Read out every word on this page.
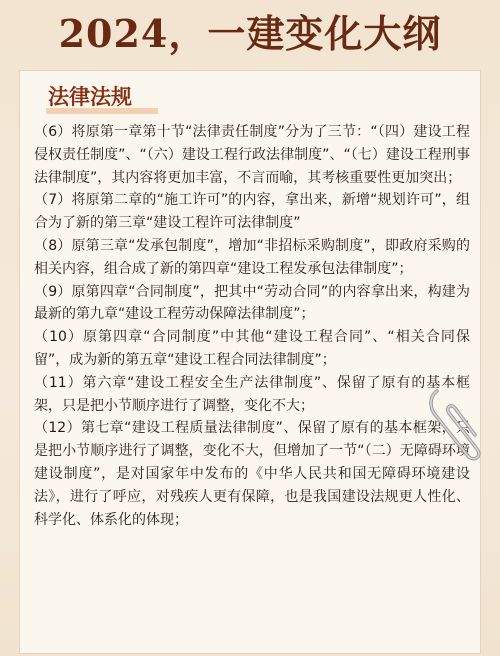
2024，一建变化大纲
法律法规

（6）将原第一章第十节“法律责任制度”分为了三节：“（四）建设工程侵权责任制度”、“（六）建设工程行政法律制度”、“（七）建设工程刑事法律制度”，其内容将更加丰富，不言而喻，其考核重要性更加突出；

（7）将原第二章的“施工许可”的内容，拿出来，新增“规划许可”，组合为了新的第三章“建设工程许可法律制度”

（8）原第三章“发承包制度”，增加“非招标采购制度”，即政府采购的相关内容，组合成了新的第四章“建设工程发承包法律制度”；

（9）原第四章“合同制度”，把其中“劳动合同”的内容拿出来，构建为最新的第九章“建设工程劳动保障法律制度”；

（10）原第四章“合同制度”中其他“建设工程合同”、“相关合同保留”，成为新的第五章“建设工程合同法律制度”；

（11）第六章“建设工程安全生产法律制度”、保留了原有的基本框架，只是把小节顺序进行了调整，变化不大；

（12）第七章“建设工程质量法律制度”、保留了原有的基本框架，只是把小节顺序进行了调整，变化不大，但增加了一节“（二）无障碍环境建设制度”，是对国家年中发布的《中华人民共和国无障碍环境建设法》，进行了呼应，对残疾人更有保障，也是我国建设法规更人性化、科学化、体系化的体现；
